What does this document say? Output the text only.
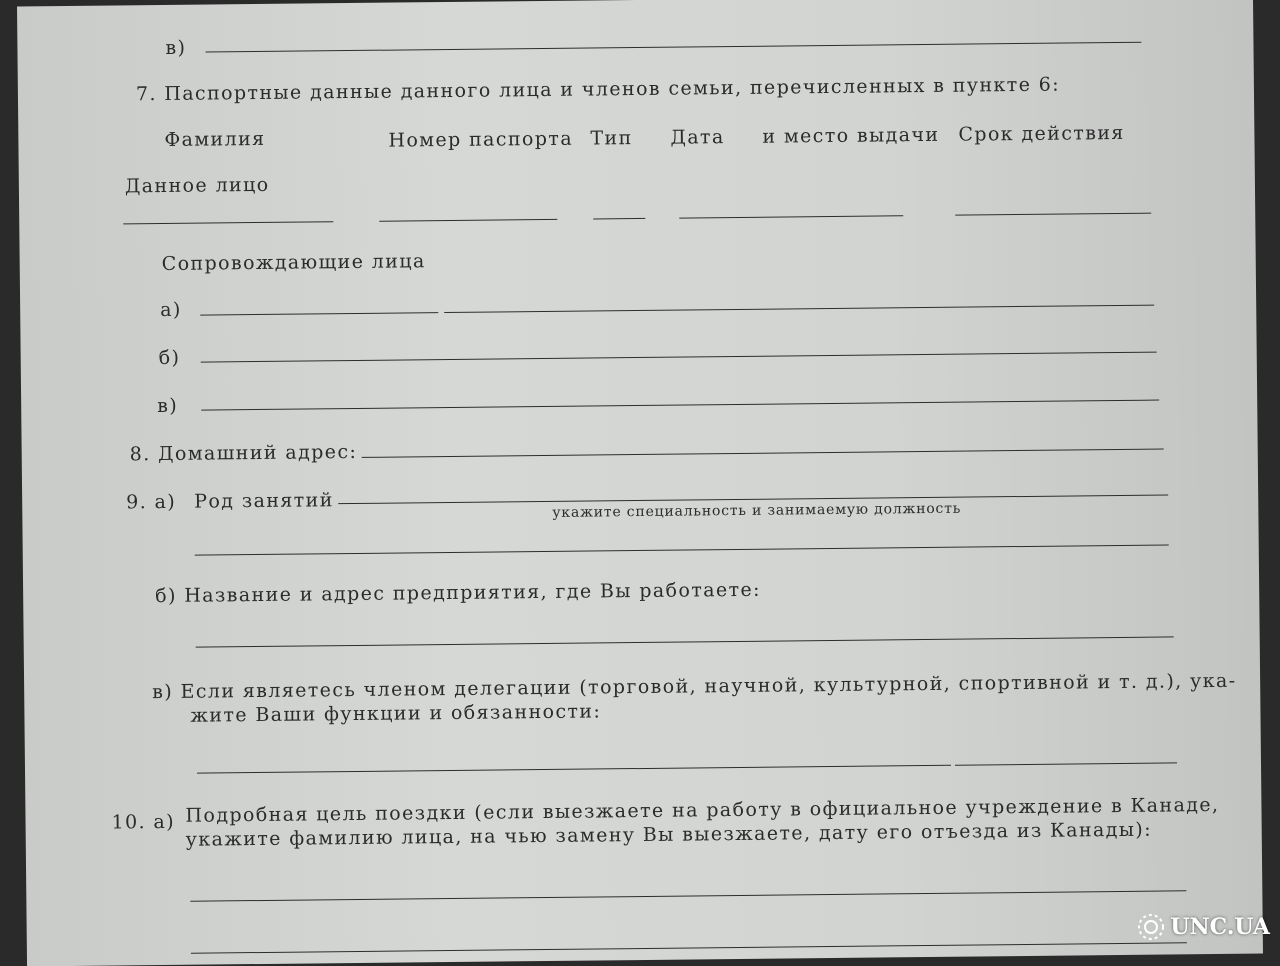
в)
7. Паспортные данные данного лица и членов семьи, перечисленных в пункте 6:
Фамилия	Номер паспорта Тип Дата и место выдачи Срок действия
Данное лицо
Сопровождающие лица
а)
б)
в)
8. Домашний адрес:
9. а) Род занятий	укажите специальность и занимаемую должность
б) Название и адрес предприятия, где Вы работаете:
в) Если являетесь членом делегации (торговой, научной, культурной, спортивной и т. д.), ука-
жите Ваши функции и обязанности:
10. а) Подробная цель поездки (если выезжаете на работу в официальное учреждение в Канаде,
укажите фамилию лица, на чью замену Вы выезжаете, дату его отъезда из Канады):
UNC.UA
